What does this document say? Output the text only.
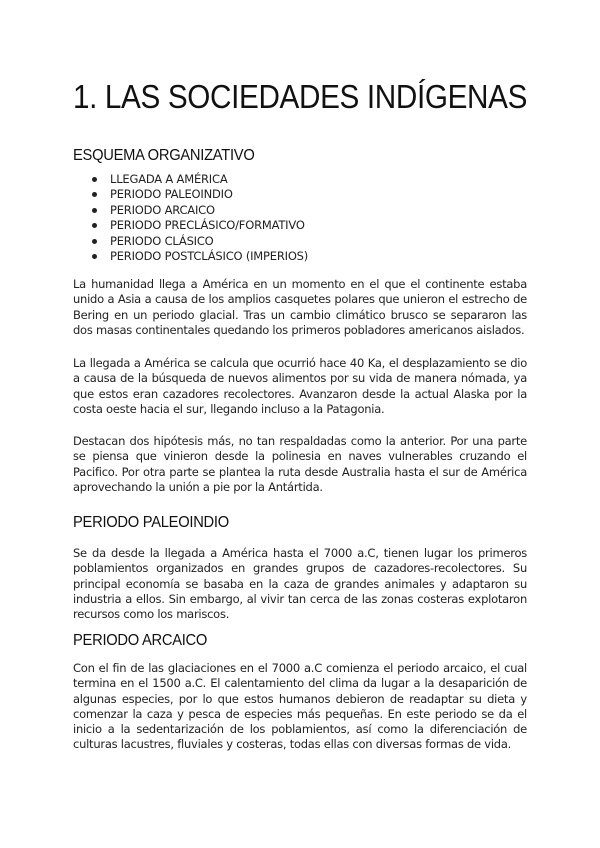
1. LAS SOCIEDADES INDÍGENAS
ESQUEMA ORGANIZATIVO
LLEGADA A AMÉRICA
PERIODO PALEOINDIO
PERIODO ARCAICO
PERIODO PRECLÁSICO/FORMATIVO
PERIODO CLÁSICO
PERIODO POSTCLÁSICO (IMPERIOS)

La humanidad llega a América en un momento en el que el continente estaba unido a Asia a causa de los amplios casquetes polares que unieron el estrecho de Bering en un periodo glacial. Tras un cambio climático brusco se separaron las dos masas continentales quedando los primeros pobladores americanos aislados.

La llegada a América se calcula que ocurrió hace 40 Ka, el desplazamiento se dio a causa de la búsqueda de nuevos alimentos por su vida de manera nómada, ya que estos eran cazadores recolectores. Avanzaron desde la actual Alaska por la costa oeste hacia el sur, llegando incluso a la Patagonia.

Destacan dos hipótesis más, no tan respaldadas como la anterior. Por una parte se piensa que vinieron desde la polinesia en naves vulnerables cruzando el Pacifico. Por otra parte se plantea la ruta desde Australia hasta el sur de América aprovechando la unión a pie por la Antártida.

PERIODO PALEOINDIO

Se da desde la llegada a América hasta el 7000 a.C, tienen lugar los primeros poblamientos organizados en grandes grupos de cazadores-recolectores. Su principal economía se basaba en la caza de grandes animales y adaptaron su industria a ellos. Sin embargo, al vivir tan cerca de las zonas costeras explotaron recursos como los mariscos.

PERIODO ARCAICO

Con el fin de las glaciaciones en el 7000 a.C comienza el periodo arcaico, el cual termina en el 1500 a.C. El calentamiento del clima da lugar a la desaparición de algunas especies, por lo que estos humanos debieron de readaptar su dieta y comenzar la caza y pesca de especies más pequeñas. En este periodo se da el inicio a la sedentarización de los poblamientos, así como la diferenciación de culturas lacustres, fluviales y costeras, todas ellas con diversas formas de vida.
